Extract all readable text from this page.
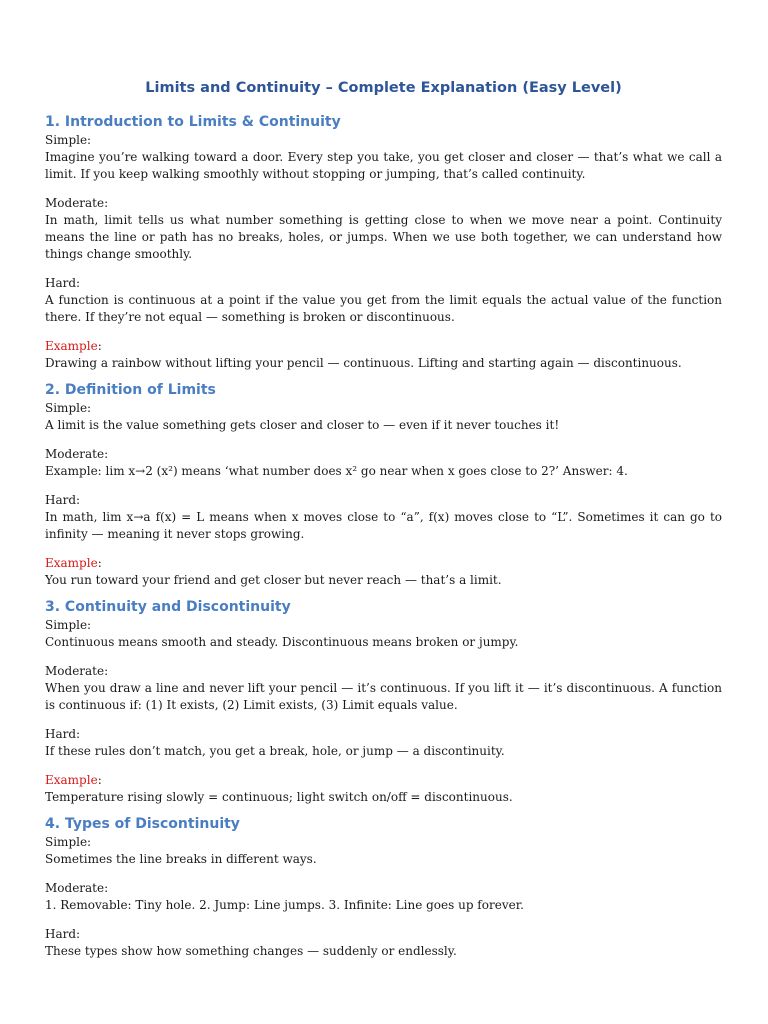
Limits and Continuity – Complete Explanation (Easy Level)
1. Introduction to Limits & Continuity
Simple:
Imagine you’re walking toward a door. Every step you take, you get closer and closer — that’s what we call a limit. If you keep walking smoothly without stopping or jumping, that’s called continuity.
Moderate:
In math, limit tells us what number something is getting close to when we move near a point. Continuity means the line or path has no breaks, holes, or jumps. When we use both together, we can understand how things change smoothly.
Hard:
A function is continuous at a point if the value you get from the limit equals the actual value of the function there. If they’re not equal — something is broken or discontinuous.
Example:
Drawing a rainbow without lifting your pencil — continuous. Lifting and starting again — discontinuous.
2. Definition of Limits
Simple:
A limit is the value something gets closer and closer to — even if it never touches it!
Moderate:
Example: lim x→2 (x²) means ‘what number does x² go near when x goes close to 2?’ Answer: 4.
Hard:
In math, lim x→a f(x) = L means when x moves close to “a”, f(x) moves close to “L”. Sometimes it can go to infinity — meaning it never stops growing.
Example:
You run toward your friend and get closer but never reach — that’s a limit.
3. Continuity and Discontinuity
Simple:
Continuous means smooth and steady. Discontinuous means broken or jumpy.
Moderate:
When you draw a line and never lift your pencil — it’s continuous. If you lift it — it’s discontinuous. A function is continuous if: (1) It exists, (2) Limit exists, (3) Limit equals value.
Hard:
If these rules don’t match, you get a break, hole, or jump — a discontinuity.
Example:
Temperature rising slowly = continuous; light switch on/off = discontinuous.
4. Types of Discontinuity
Simple:
Sometimes the line breaks in different ways.
Moderate:
1. Removable: Tiny hole. 2. Jump: Line jumps. 3. Infinite: Line goes up forever.
Hard:
These types show how something changes — suddenly or endlessly.
